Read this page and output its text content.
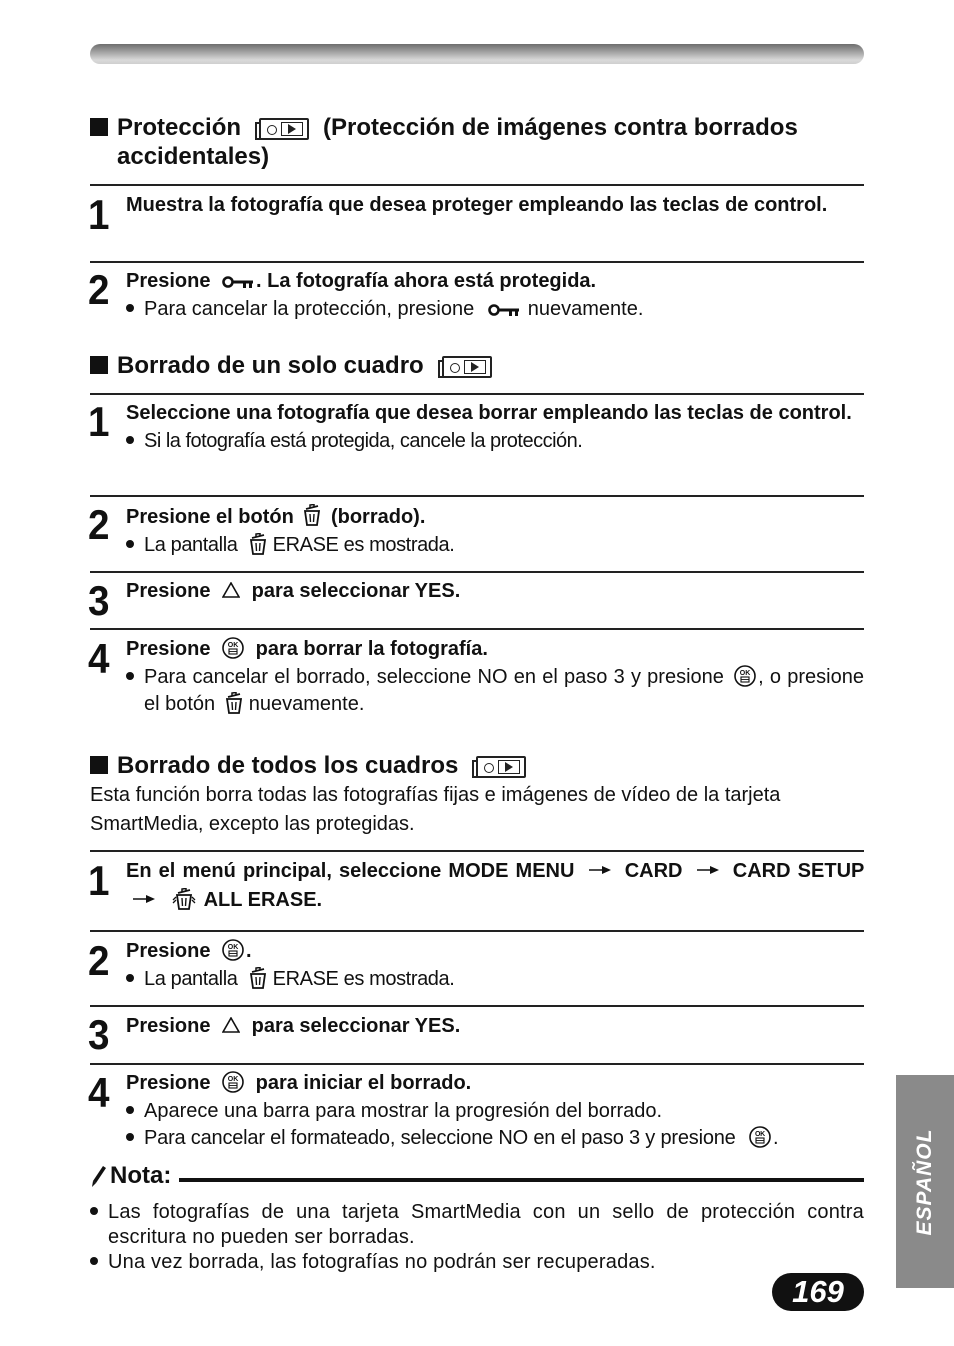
Protección	(Protección de imágenes contra borrados
accidentales)
1 Muestra la fotografía que desea proteger empleando las teclas de control.
2 Presione . La fotografía ahora está protegida.
Para cancelar la protección, presione	nuevamente.
Borrado de un solo cuadro
1 Seleccione una fotografía que desea borrar empleando las teclas de control.
Si la fotografía está protegida, cancele la protección.
2 Presione el botón (borrado).
La pantalla ERASE es mostrada.
3 Presione para seleccionar YES.
4 Presione para borrar la fotografía.
Para cancelar el borrado, seleccione NO en el paso 3 y presione , o presione el botón nuevamente.
Borrado de todos los cuadros
Esta función borra todas las fotografías fijas e imágenes de vídeo de la tarjeta SmartMedia, excepto las protegidas.
1 En el menú principal, seleccione MODE MENU	CARD	CARD SETUP  ALL ERASE.
2 Presione .
La pantalla ERASE es mostrada.
3 Presione para seleccionar YES.
4 Presione para iniciar el borrado.
Aparece una barra para mostrar la progresión del borrado.
Para cancelar el formateado, seleccione NO en el paso 3 y presione .
Nota:
Las fotografías de una tarjeta SmartMedia con un sello de protección contra escritura no pueden ser borradas.
Una vez borrada, las fotografías no podrán ser recuperadas.
ESPAÑOL
169
